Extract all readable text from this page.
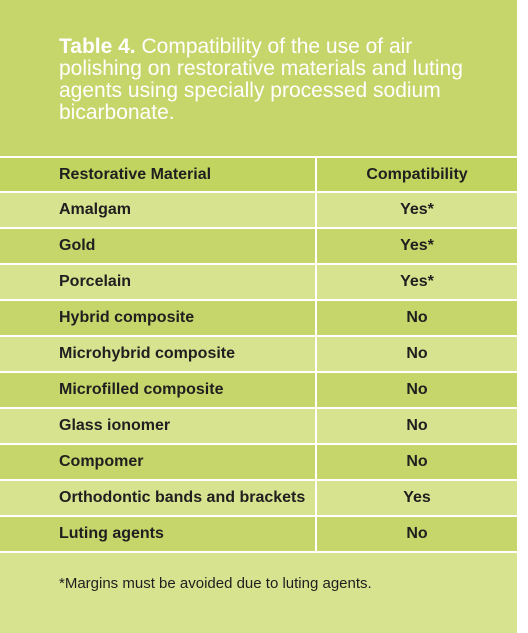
Table 4. Compatibility of the use of air polishing on restorative materials and luting agents using specially processed sodium bicarbonate.
Restorative Material	Compatibility
Amalgam	Yes*
Gold	Yes*
Porcelain	Yes*
Hybrid composite	No
Microhybrid composite	No
Microfilled composite	No
Glass ionomer	No
Compomer	No
Orthodontic bands and brackets	Yes
Luting agents	No
*Margins must be avoided due to luting agents.	
